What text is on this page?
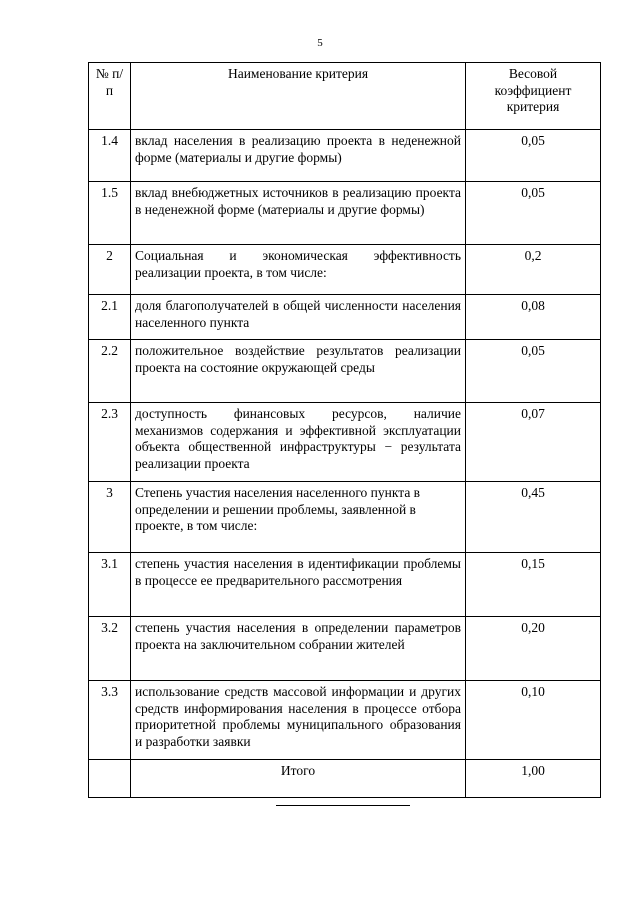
5
№ п/п	Наименование критерия	Весовой коэффициент критерия
1.4	вклад населения в реализацию проекта в неденежной форме (материалы и другие формы)	0,05
1.5	вклад внебюджетных источников в реализацию проекта в неденежной форме (материалы и другие формы)	0,05
2	Социальная и экономическая эффективность реализации проекта, в том числе:	0,2
2.1	доля благополучателей в общей численности населения населенного пункта	0,08
2.2	положительное воздействие результатов реализации проекта на состояние окружающей среды	0,05
2.3	доступность финансовых ресурсов, наличие механизмов содержания и эффективной эксплуатации объекта общественной инфраструктуры − результата реализации проекта	0,07
3	Степень участия населения населенного пункта в определении и решении проблемы, заявленной в проекте, в том числе:	0,45
3.1	степень участия населения в идентификации проблемы в процессе ее предварительного рассмотрения	0,15
3.2	степень участия населения в определении параметров проекта на заключительном собрании жителей	0,20
3.3	использование средств массовой информации и других средств информирования населения в процессе отбора приоритетной проблемы муниципального образования и разработки заявки	0,10
	Итого	1,00
